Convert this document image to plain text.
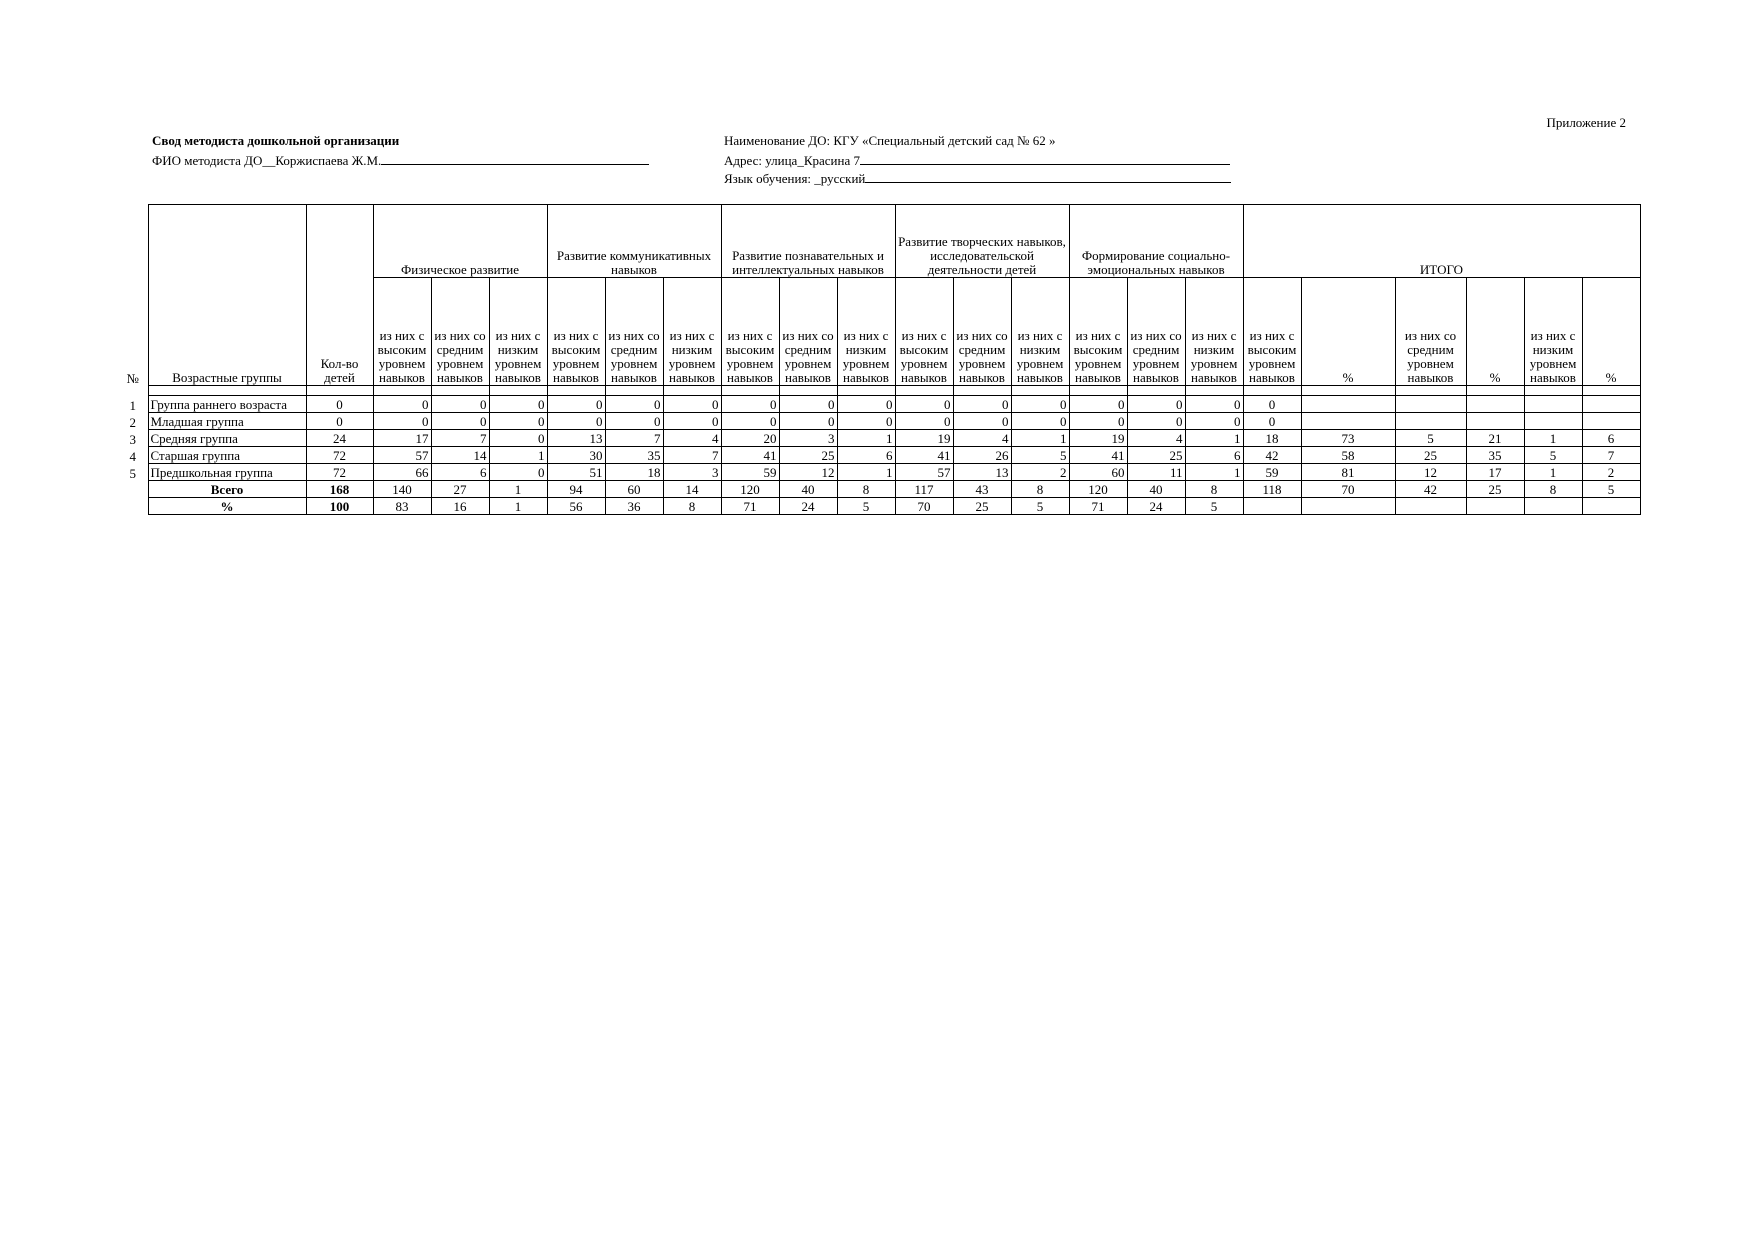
Приложение 2
Свод методиста дошкольной организации
ФИО методиста ДО__Коржиспаева Ж.М.
Наименование ДО: КГУ «Специальный детский сад № 62 »
Адрес: улица_Красина 7
Язык обучения: _русский
№	Возрастные группы	Кол-во детей	Физическое развитие			Развитие коммуникативных навыков			Развитие познавательных и интеллектуальных навыков			Развитие творческих навыков, исследовательской деятельности детей			Формирование социально-эмоциональных навыков			ИТОГО					
			из них с высоким уровнем навыков	из них со средним уровнем навыков	из них с низким уровнем навыков	из них с высоким уровнем навыков	из них со средним уровнем навыков	из них с низким уровнем навыков	из них с высоким уровнем навыков	из них со средним уровнем навыков	из них с низким уровнем навыков	из них с высоким уровнем навыков	из них со средним уровнем навыков	из них с низким уровнем навыков	из них с высоким уровнем навыков	из них со средним уровнем навыков	из них с низким уровнем навыков	из них с высоким уровнем навыков	%	из них со средним уровнем навыков	%	из них с низким уровнем навыков	%

1	Группа раннего возраста	0	0	0	0	0	0	0	0	0	0	0	0	0	0	0	0	0					
2	Младшая группа	0	0	0	0	0	0	0	0	0	0	0	0	0	0	0	0	0					
3	Средняя группа	24	17	7	0	13	7	4	20	3	1	19	4	1	19	4	1	18	73	5	21	1	6
4	Старшая группа	72	57	14	1	30	35	7	41	25	6	41	26	5	41	25	6	42	58	25	35	5	7
5	Предшкольная группа	72	66	6	0	51	18	3	59	12	1	57	13	2	60	11	1	59	81	12	17	1	2
	Всего	168	140	27	1	94	60	14	120	40	8	117	43	8	120	40	8	118	70	42	25	8	5
	%	100	83	16	1	56	36	8	71	24	5	70	25	5	71	24	5						
